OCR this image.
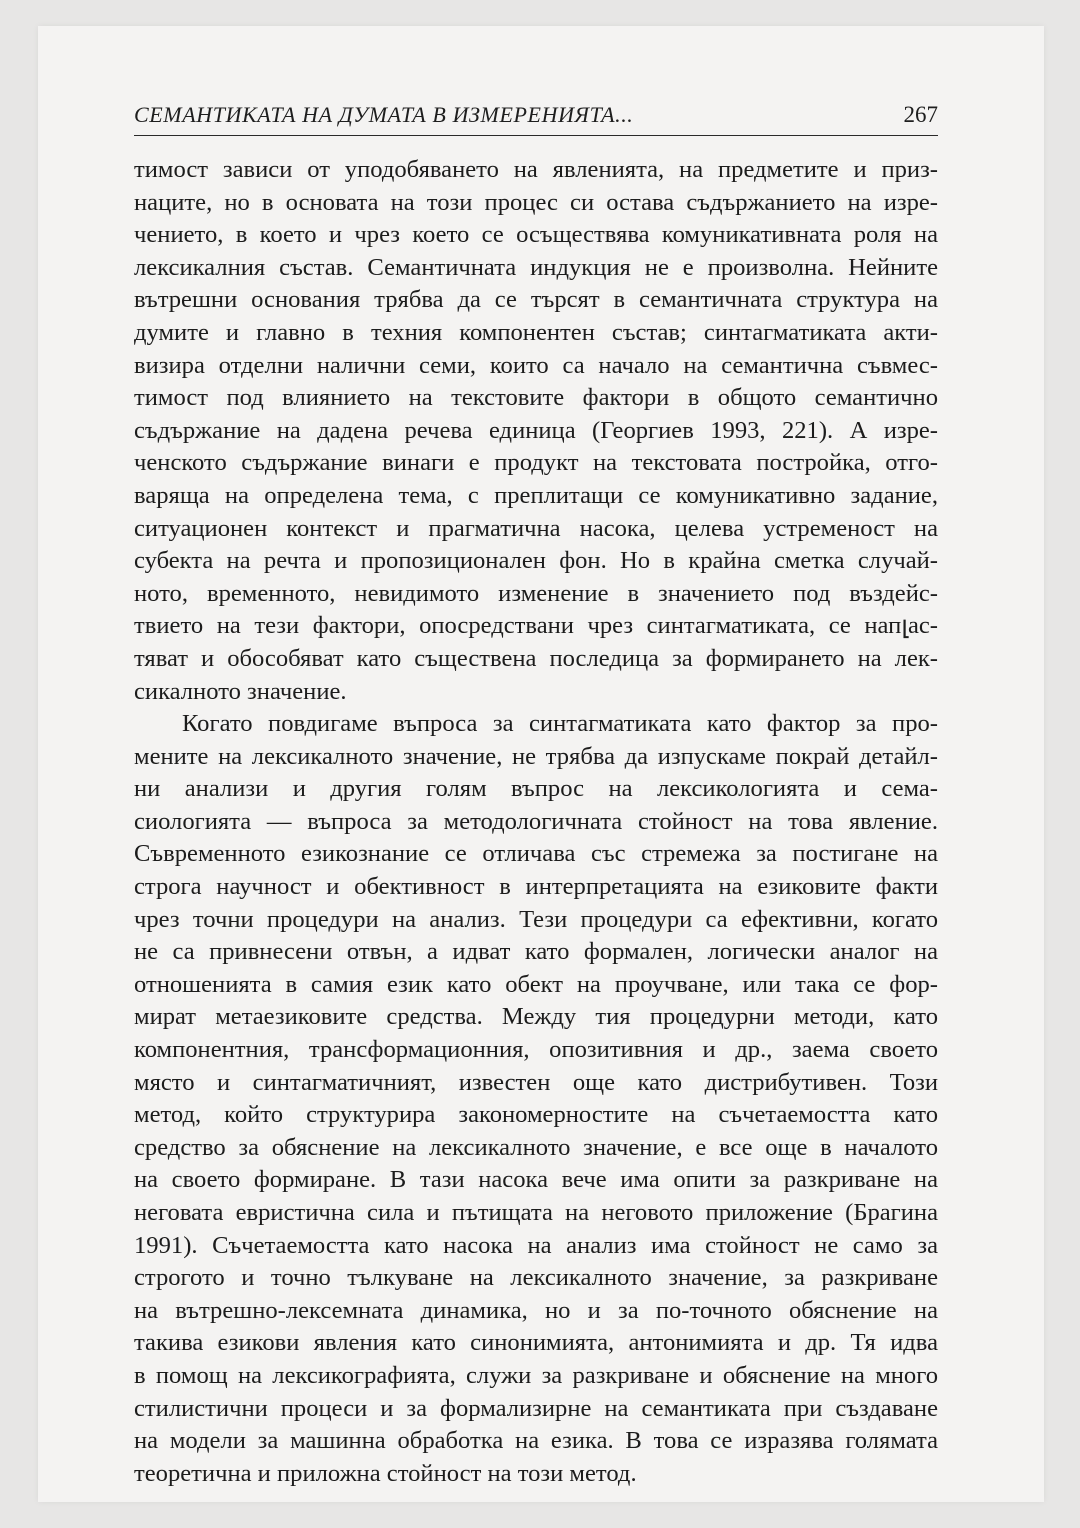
СЕМАНТИКАТА НА ДУМАТА В ИЗМЕРЕНИЯТА...	267
тимост зависи от уподобяването на явленията, на предметите и приз-
наците, но в основата на този процес си остава съдържанието на изре-
чението, в което и чрез което се осъществява комуникативната роля на
лексикалния състав. Семантичната индукция не е произволна. Нейните
вътрешни основания трябва да се търсят в семантичната структура на
думите и главно в техния компонентен състав; синтагматиката акти-
визира отделни налични семи, които са начало на семантична съвмес-
тимост под влиянието на текстовите фактори в общото семантично
съдържание на дадена речева единица (Георгиев 1993, 221). А изре-
ченското съдържание винаги е продукт на текстовата постройка, отго-
варяща на определена тема, с преплитащи се комуникативно задание,
ситуационен контекст и прагматична насока, целева устременост на
субекта на речта и пропозиционален фон. Но в крайна сметка случай-
ното, временното, невидимото изменение в значението под въздейс-
твието на тези фактори, опосредствани чрез синтагматиката, се напլас-
тяват и обособяват като съществена последица за формирането на лек-
сикалното значение.
Когато повдигаме въпроса за синтагматиката като фактор за про-
мените на лексикалното значение, не трябва да изпускаме покрай детайл-
ни анализи и другия голям въпрос на лексикологията и сема-
сиологията — въпроса за методологичната стойност на това явление.
Съвременното езикознание се отличава със стремежа за постигане на
строга научност и обективност в интерпретацията на езиковите факти
чрез точни процедури на анализ. Тези процедури са ефективни, когато
не са привнесени отвън, а идват като формален, логически аналог на
отношенията в самия език като обект на проучване, или така се фор-
мират метаезиковите средства. Между тия процедурни методи, като
компонентния, трансформационния, опозитивния и др., заема своето
място и синтагматичният, известен още като дистрибутивен. Този
метод, който структурира закономерностите на съчетаемостта като
средство за обяснение на лексикалното значение, е все още в началото
на своето формиране. В тази насока вече има опити за разкриване на
неговата евристична сила и пътищата на неговото приложение (Брагина
1991). Съчетаемостта като насока на анализ има стойност не само за
строгото и точно тълкуване на лексикалното значение, за разкриване
на вътрешно-лексемната динамика, но и за по-точното обяснение на
такива езикови явления като синонимията, антонимията и др. Тя идва
в помощ на лексикографията, служи за разкриване и обяснение на много
стилистични процеси и за формализирне на семантиката при създаване
на модели за машинна обработка на езика. В това се изразява голямата
теоретична и приложна стойност на този метод.
